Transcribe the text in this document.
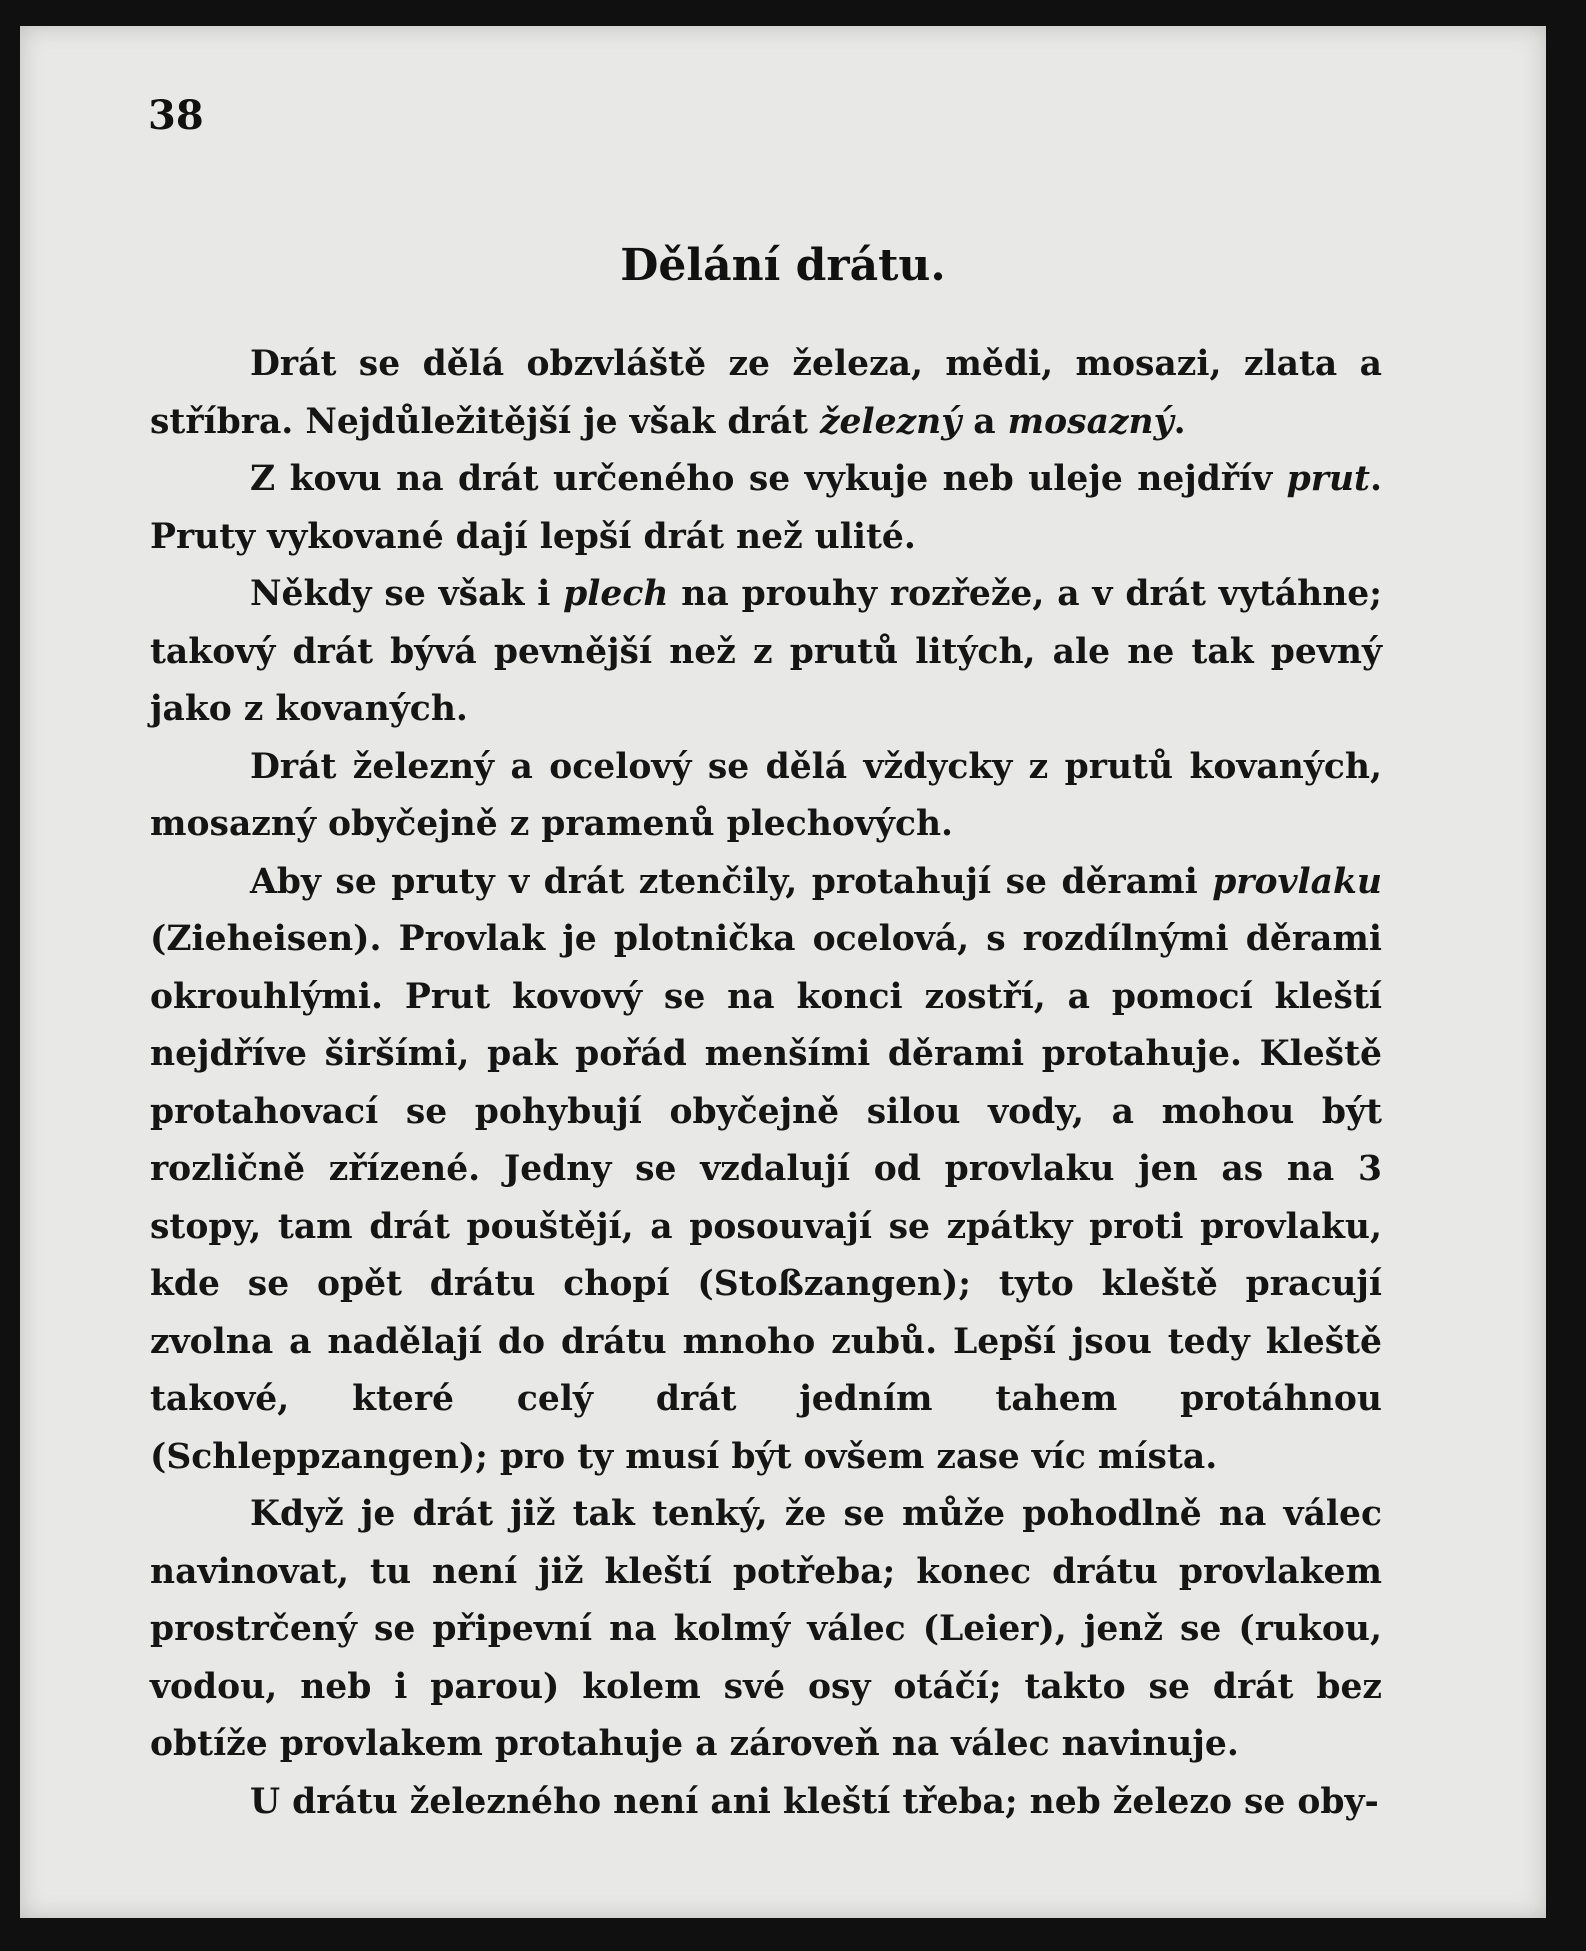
38
Dělání drátu.

Drát se dělá obzvláště ze železa, mědi, mosazi, zlata a stříbra. Nejdůležitější je však drát železný a mosazný.

Z kovu na drát určeného se vykuje neb uleje nejdřív prut. Pruty vykované dají lepší drát než ulité.

Někdy se však i plech na prouhy rozřeže, a v drát vytáhne; takový drát bývá pevnější než z prutů litých, ale ne tak pevný jako z kovaných.

Drát železný a ocelový se dělá vždycky z prutů kovaných, mosazný obyčejně z pramenů plechových.

Aby se pruty v drát ztenčily, protahují se děrami provlaku (Zieheisen). Provlak je plotnička ocelová, s rozdílnými děrami okrouhlými. Prut kovový se na konci zostří, a pomocí kleští nejdříve širšími, pak pořád menšími děrami protahuje. Kleště protahovací se pohybují obyčejně silou vody, a mohou být rozličně zřízené. Jedny se vzdalují od provlaku jen as na 3 stopy, tam drát pouštějí, a posouvají se zpátky proti provlaku, kde se opět drátu chopí (Stoßzangen); tyto kleště pracují zvolna a nadělají do drátu mnoho zubů. Lepší jsou tedy kleště takové, které celý drát jedním tahem protáhnou (Schleppzangen); pro ty musí být ovšem zase víc místa.

Když je drát již tak tenký, že se může pohodlně na válec navinovat, tu není již kleští potřeba; konec drátu provlakem prostrčený se připevní na kolmý válec (Leier), jenž se (rukou, vodou, neb i parou) kolem své osy otáčí; takto se drát bez obtíže provlakem protahuje a zároveň na válec navinuje.

U drátu železného není ani kleští třeba; neb železo se oby-
